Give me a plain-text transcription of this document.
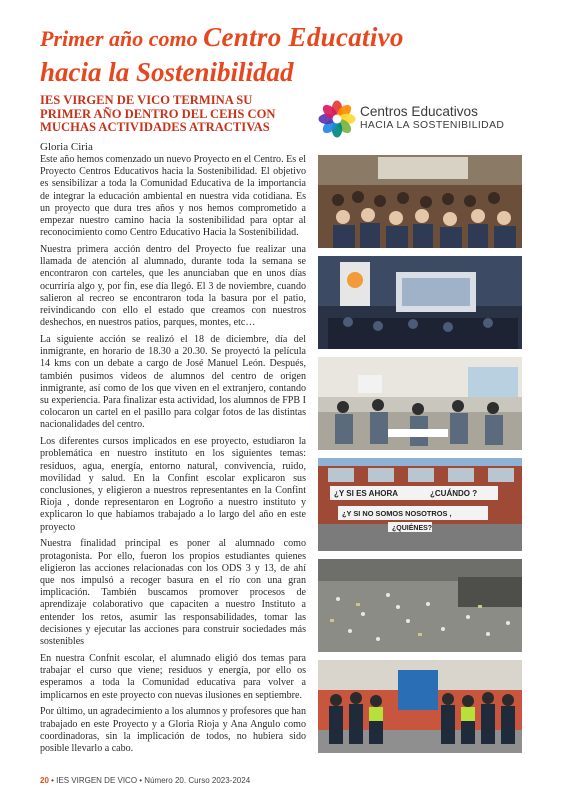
Primer año como Centro Educativo
hacia la Sostenibilidad
IES VIRGEN DE VICO TERMINA SU PRIMER AÑO DENTRO DEL CEHS CON MUCHAS ACTIVIDADES ATRACTIVAS
Centros Educativos
HACIA LA SOSTENIBILIDAD
Gloria Ciria

Este año hemos comenzado un nuevo Proyecto en el Centro. Es el Proyecto Centros Educativos hacia la Sostenibilidad. El objetivo es sensibilizar a toda la Comunidad Educativa de la importancia de integrar la educación ambiental en nuestra vida cotidiana. Es un proyecto que dura tres años y nos hemos comprometido a empezar nuestro camino hacia la sostenibilidad para optar al reconocimiento como Centro Educativo Hacia la Sostenibilidad.

Nuestra primera acción dentro del Proyecto fue realizar una llamada de atención al alumnado, durante toda la semana se encontraron con carteles, que les anunciaban que en unos días ocurriría algo y, por fin, ese día llegó. El 3 de noviembre, cuando salieron al recreo se encontraron toda la basura por el patio, reivindicando con ello el estado que creamos con nuestros deshechos, en nuestros patios, parques, montes, etc…

La siguiente acción se realizó el 18 de diciembre, día del inmigrante, en horario de 18.30 a 20.30. Se proyectó la película 14 kms con un debate a cargo de José Manuel León. Después, también pusimos videos de alumnos del centro de origen inmigrante, así como de los que viven en el extranjero, contando su experiencia. Para finalizar esta actividad, los alumnos de FPB I colocaron un cartel en el pasillo para colgar fotos de las distintas nacionalidades del centro.

Los diferentes cursos implicados en ese proyecto, estudiaron la problemática en nuestro instituto en los siguientes temas: residuos, agua, energía, entorno natural, convivencia, ruido, movilidad y salud. En la Confint escolar explicaron sus conclusiones, y eligieron a nuestros representantes en la Confint Rioja , donde representaron en Logroño a nuestro instituto y explicaron lo que habíamos trabajado a lo largo del año en este proyecto

Nuestra finalidad principal es poner al alumnado como protagonista. Por ello, fueron los propios estudiantes quienes eligieron las acciones relacionadas con los ODS 3 y 13, de ahí que nos impulsó a recoger basura en el río con una gran implicación. También buscamos promover procesos de aprendizaje colaborativo que capaciten a nuestro Instituto a entender los retos, asumir las responsabilidades, tomar las decisiones y ejecutar las acciones para construir sociedades más sostenibles

En nuestra Confnit escolar, el alumnado eligió dos temas para trabajar el curso que viene; residuos y energía, por ello os esperamos a toda la Comunidad educativa para volver a implicarnos en este proyecto con nuevas ilusiones en septiembre.

Por último, un agradecimiento a los alumnos y profesores que han trabajado en este Proyecto y a Gloria Rioja y Ana Angulo como coordinadoras, sin la implicación de todos, no hubiera sido posible llevarlo a cabo.

¿Y SI ES AHORA	¿CUÁNDO ?
¿Y SI NO SOMOS NOSOTROS ,
¿QUIÉNES?
20 • IES VIRGEN DE VICO • Número 20. Curso 2023-2024
